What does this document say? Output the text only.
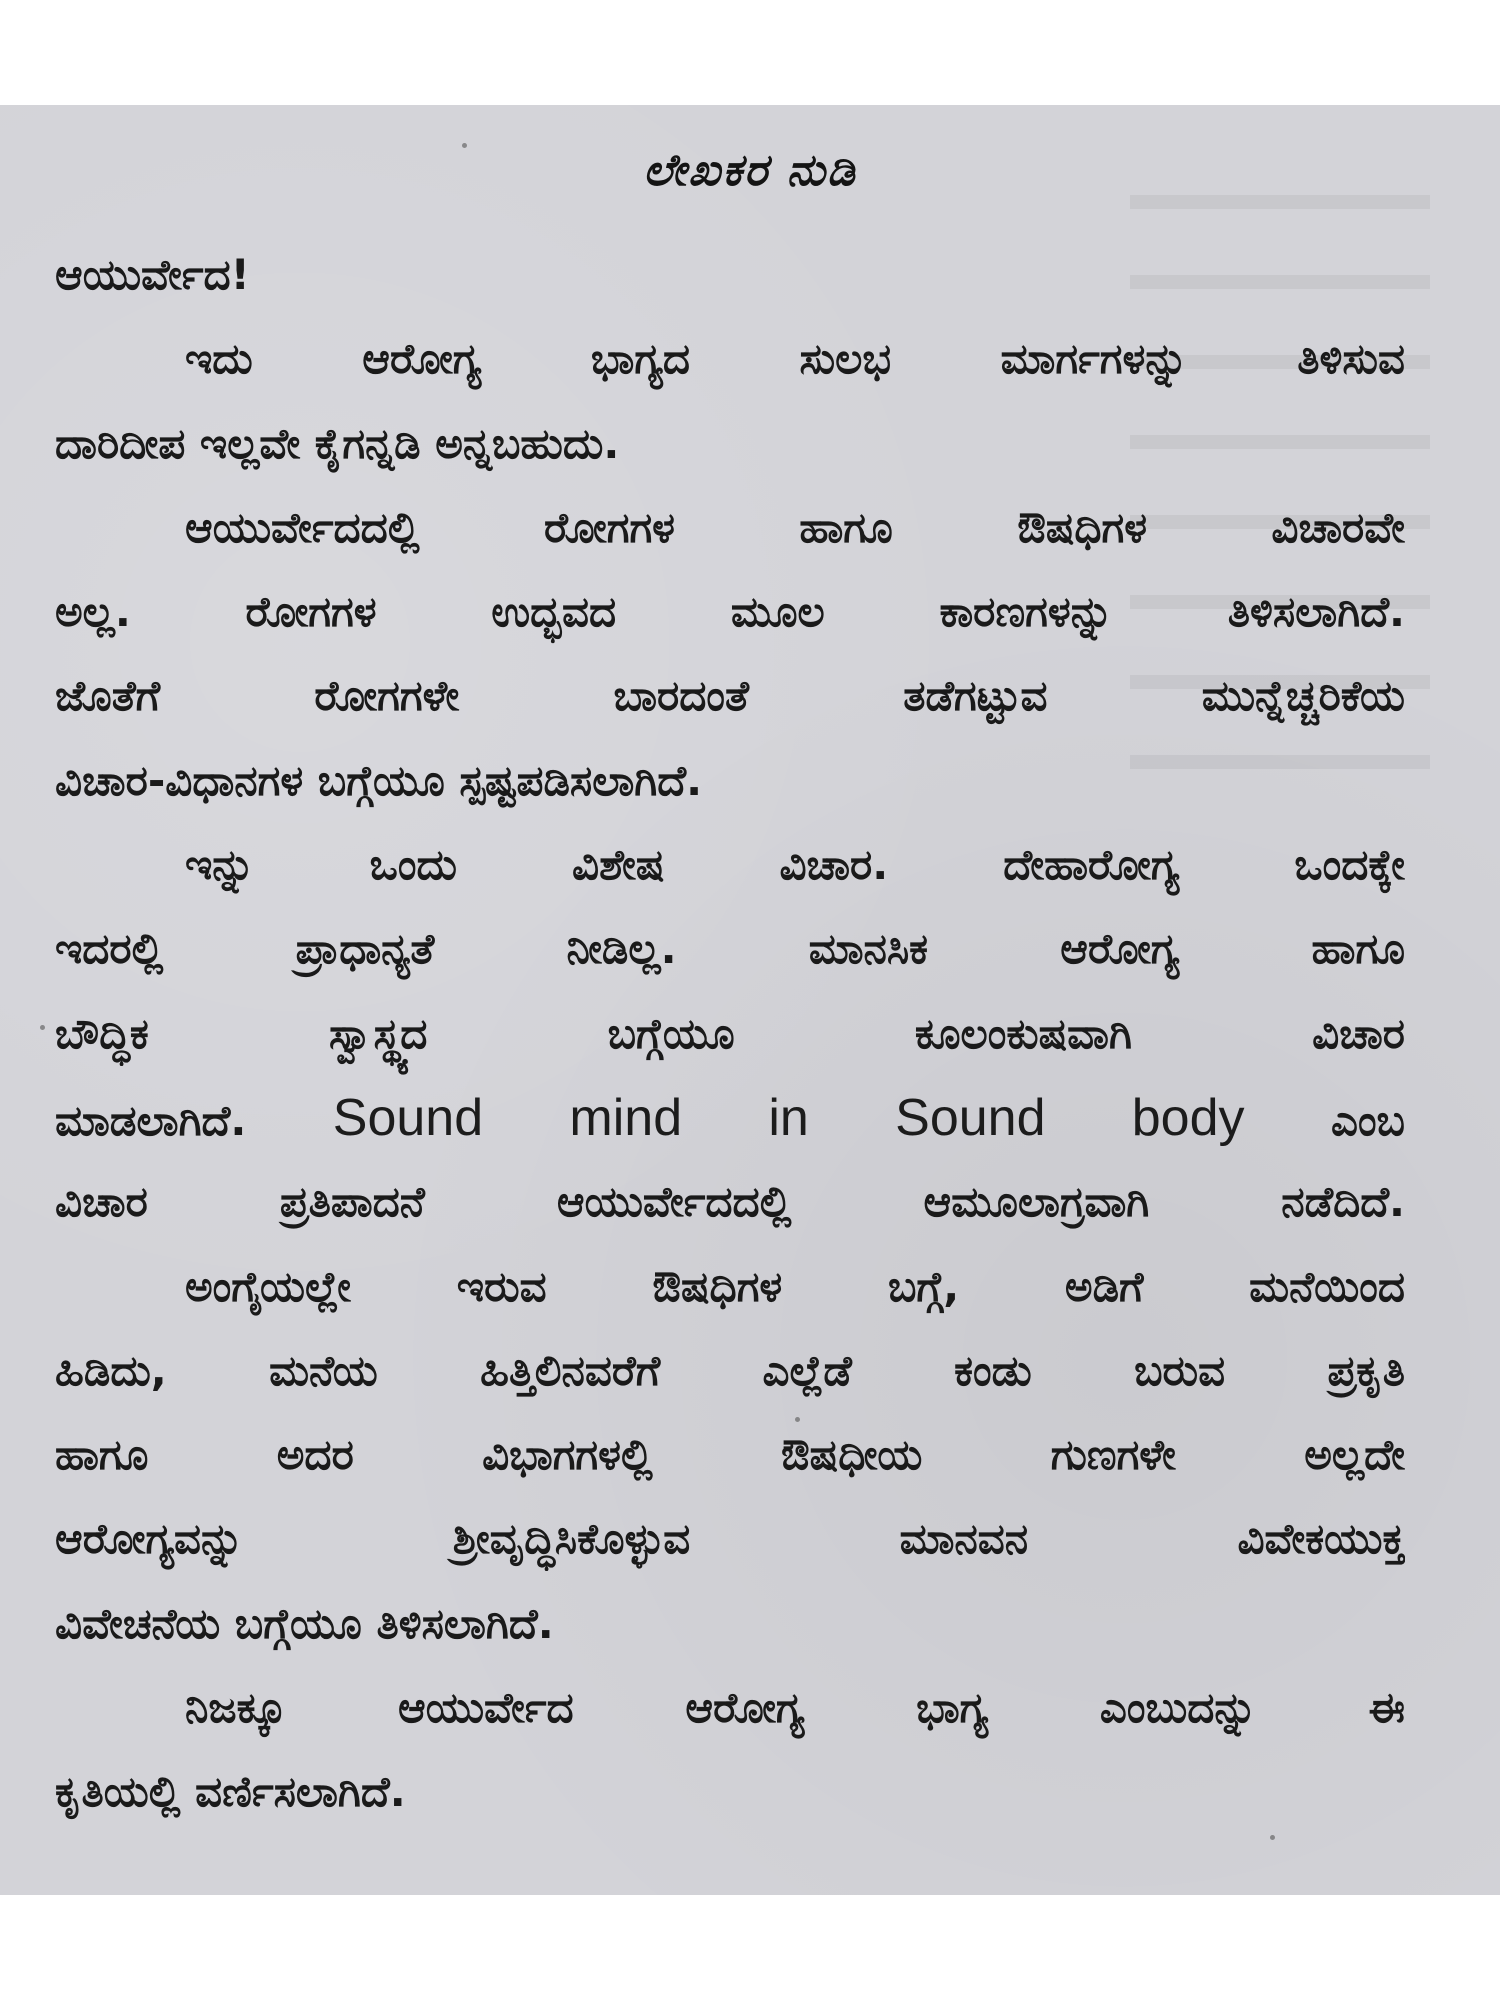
ಲೇಖಕರ ನುಡಿ
ಆಯುರ್ವೇದ!
ಇದು ಆರೋಗ್ಯ ಭಾಗ್ಯದ ಸುಲಭ ಮಾರ್ಗಗಳನ್ನು ತಿಳಿಸುವ
ದಾರಿದೀಪ ಇಲ್ಲವೇ ಕೈಗನ್ನಡಿ ಅನ್ನಬಹುದು.
ಆಯುರ್ವೇದದಲ್ಲಿ ರೋಗಗಳ ಹಾಗೂ ಔಷಧಿಗಳ ವಿಚಾರವೇ
ಅಲ್ಲ. ರೋಗಗಳ ಉದ್ಭವದ ಮೂಲ ಕಾರಣಗಳನ್ನು ತಿಳಿಸಲಾಗಿದೆ.
ಜೊತೆಗೆ ರೋಗಗಳೇ ಬಾರದಂತೆ ತಡೆಗಟ್ಟುವ ಮುನ್ನೆಚ್ಚರಿಕೆಯ
ವಿಚಾರ-ವಿಧಾನಗಳ ಬಗ್ಗೆಯೂ ಸ್ಪಷ್ಟಪಡಿಸಲಾಗಿದೆ.
ಇನ್ನು ಒಂದು ವಿಶೇಷ ವಿಚಾರ. ದೇಹಾರೋಗ್ಯ ಒಂದಕ್ಕೇ
ಇದರಲ್ಲಿ ಪ್ರಾಧಾನ್ಯತೆ ನೀಡಿಲ್ಲ. ಮಾನಸಿಕ ಆರೋಗ್ಯ ಹಾಗೂ
ಬೌದ್ಧಿಕ ಸ್ವಾಸ್ಥ್ಯದ ಬಗ್ಗೆಯೂ ಕೂಲಂಕುಷವಾಗಿ ವಿಚಾರ
ಮಾಡಲಾಗಿದೆ. Sound mind in Sound body ಎಂಬ
ವಿಚಾರ ಪ್ರತಿಪಾದನೆ ಆಯುರ್ವೇದದಲ್ಲಿ ಆಮೂಲಾಗ್ರವಾಗಿ ನಡೆದಿದೆ.
ಅಂಗೈಯಲ್ಲೇ ಇರುವ ಔಷಧಿಗಳ ಬಗ್ಗೆ, ಅಡಿಗೆ ಮನೆಯಿಂದ
ಹಿಡಿದು, ಮನೆಯ ಹಿತ್ತಿಲಿನವರೆಗೆ ಎಲ್ಲೆಡೆ ಕಂಡು ಬರುವ ಪ್ರಕೃತಿ
ಹಾಗೂ ಅದರ ವಿಭಾಗಗಳಲ್ಲಿ ಔಷಧೀಯ ಗುಣಗಳೇ ಅಲ್ಲದೇ
ಆರೋಗ್ಯವನ್ನು ಶ್ರೀವೃದ್ಧಿಸಿಕೊಳ್ಳುವ ಮಾನವನ ವಿವೇಕಯುಕ್ತ
ವಿವೇಚನೆಯ ಬಗ್ಗೆಯೂ ತಿಳಿಸಲಾಗಿದೆ.
ನಿಜಕ್ಕೂ ಆಯುರ್ವೇದ ಆರೋಗ್ಯ ಭಾಗ್ಯ ಎಂಬುದನ್ನು ಈ
ಕೃತಿಯಲ್ಲಿ ವರ್ಣಿಸಲಾಗಿದೆ.
